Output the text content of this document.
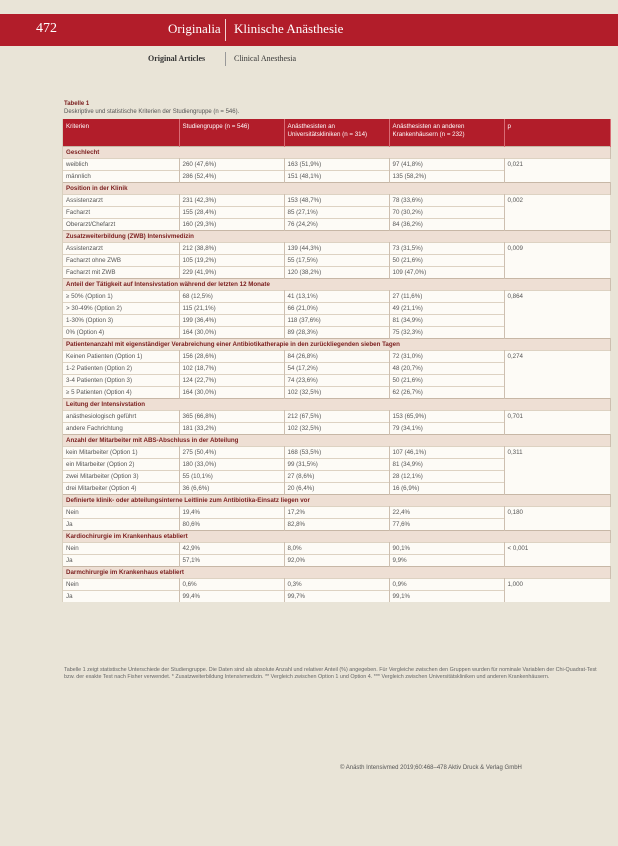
472	Originalia Klinische Anästhesie
Original Articles	Clinical Anesthesia
Tabelle 1
Deskriptive und statistische Kriterien der Studiengruppe (n = 546).
Kriterien	Studiengruppe (n = 546)	Anästhesisten an Universitätskliniken (n = 314)	Anästhesisten an anderen Krankenhäusern (n = 232)	p
Geschlecht				
weiblich	260 (47,6%)	163 (51,9%)	97 (41,8%)	0,021
männlich	286 (52,4%)	151 (48,1%)	135 (58,2%)	
Position in der Klinik				
Assistenzarzt	231 (42,3%)	153 (48,7%)	78 (33,6%)	0,002
Facharzt	155 (28,4%)	85 (27,1%)	70 (30,2%)	
Oberarzt/Chefarzt	160 (29,3%)	76 (24,2%)	84 (36,2%)	
Zusatzweiterbildung (ZWB) Intensivmedizin				
Assistenzarzt	212 (38,8%)	139 (44,3%)	73 (31,5%)	0,009
Facharzt ohne ZWB	105 (19,2%)	55 (17,5%)	50 (21,6%)	
Facharzt mit ZWB	229 (41,9%)	120 (38,2%)	109 (47,0%)	
Anteil der Tätigkeit auf Intensivstation während der letzten 12 Monate				
≥ 50% (Option 1)	68 (12,5%)	41 (13,1%)	27 (11,6%)	0,864
> 30-49% (Option 2)	115 (21,1%)	66 (21,0%)	49 (21,1%)	
1-30% (Option 3)	199 (36,4%)	118 (37,6%)	81 (34,9%)	
0% (Option 4)	164 (30,0%)	89 (28,3%)	75 (32,3%)	
Patientenanzahl mit eigenständiger Verabreichung einer Antibiotikatherapie in den zurückliegenden sieben Tagen				
Keinen Patienten (Option 1)	156 (28,6%)	84 (26,8%)	72 (31,0%)	0,274
1-2 Patienten (Option 2)	102 (18,7%)	54 (17,2%)	48 (20,7%)	
3-4 Patienten (Option 3)	124 (22,7%)	74 (23,6%)	50 (21,6%)	
≥ 5 Patienten (Option 4)	164 (30,0%)	102 (32,5%)	62 (26,7%)	
Leitung der Intensivstation				
anästhesiologisch geführt	365 (66,8%)	212 (67,5%)	153 (65,9%)	0,701
andere Fachrichtung	181 (33,2%)	102 (32,5%)	79 (34,1%)	
Anzahl der Mitarbeiter mit ABS-Abschluss in der Abteilung				
kein Mitarbeiter (Option 1)	275 (50,4%)	168 (53,5%)	107 (46,1%)	0,311
ein Mitarbeiter (Option 2)	180 (33,0%)	99 (31,5%)	81 (34,9%)	
zwei Mitarbeiter (Option 3)	55 (10,1%)	27 (8,6%)	28 (12,1%)	
drei Mitarbeiter (Option 4)	36 (6,6%)	20 (6,4%)	16 (6,9%)	
Definierte klinik- oder abteilungsinterne Leitlinie zum Antibiotika-Einsatz liegen vor				
Nein	19,4%	17,2%	22,4%	0,180
Ja	80,6%	82,8%	77,6%	
Kardiochirurgie im Krankenhaus etabliert				
Nein	42,9%	8,0%	90,1%	< 0,001
Ja	57,1%	92,0%	9,9%	
Darmchirurgie im Krankenhaus etabliert				
Nein	0,6%	0,3%	0,9%	1,000
Ja	99,4%	99,7%	99,1%	
Tabelle 1 zeigt statistische Unterschiede der Studiengruppe. Die Daten sind als absolute Anzahl und relativer Anteil (%) angegeben. Für Vergleiche zwischen den Gruppen wurden für nominale Variablen der Chi-Quadrat-Test bzw. der exakte Test nach Fisher verwendet. * Zusatzweiterbildung Intensivmedizin. ** Vergleich zwischen Option 1 und Option 4. *** Vergleich zwischen Universitätskliniken und anderen Krankenhäusern.
© Anästh Intensivmed 2019;60:468–478 Aktiv Druck & Verlag GmbH
